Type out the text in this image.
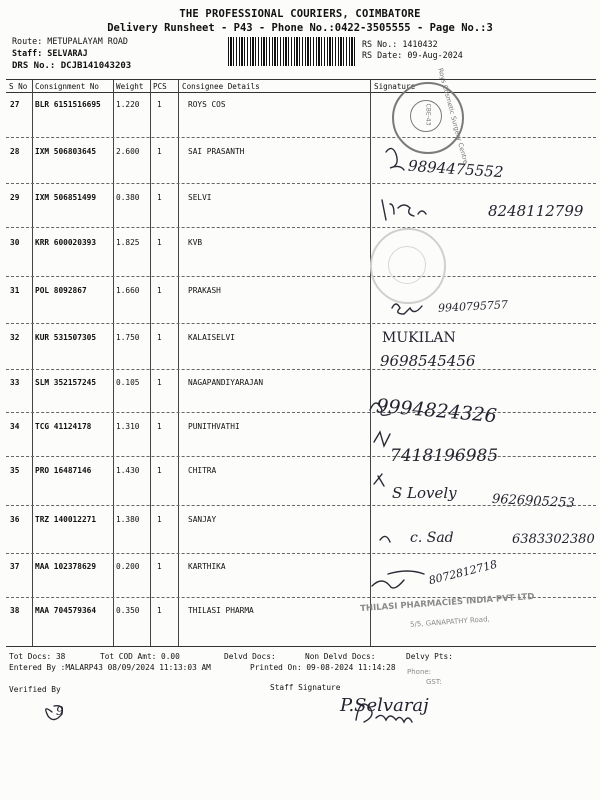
THE PROFESSIONAL COURIERS, COIMBATORE
Delivery Runsheet - P43 - Phone No.:0422-3505555 - Page No.:3
Route: METUPALAYAM ROAD
Staff: SELVARAJ
DRS No.: DCJB141043203
RS No.: 1410432
RS Date: 09-Aug-2024
S No Consignment No Weight PCS Consignee Details	Signature
27 BLR 6151516695 1.220 1	ROYS COS
28 IXM 506803645	2.600 1	SAI PRASANTH
29 IXM 506851499	0.380 1	SELVI
30 KRR 600020393	1.825 1	KVB
31 POL 8092867	1.660 1	PRAKASH
32 KUR 531507305	1.750 1	KALAISELVI
33 SLM 352157245	0.105 1	NAGAPANDIYARAJAN
34 TCG 41124178	1.310 1	PUNITHVATHI
35 PRO 16487146	1.430 1	CHITRA
36 TRZ 140012271	1.380 1	SANJAY
37 MAA 102378629	0.200 1	KARTHIKA
38 MAA 704579364	0.350 1	THILASI PHARMA
CBE-43 Roys Cosmetic Surgery Centre
THILASI PHARMACIES INDIA PVT LTD
5/5, GANAPATHY Road,
Phone:
GST:
9894475552
8248112799
9940795757
MUKILAN
9698545456
9994824326
7418196985
S Lovely	9626905253
c. Sad	6383302380
8072812718
9	P.Selvaraj
Tot Docs: 38	Tot COD Amt: 0.00	Delvd Docs:	Non Delvd Docs:	Delvy Pts:
Entered By :MALARP43 08/09/2024 11:13:03 AM	Printed On: 09-08-2024 11:14:28
Verified By	Staff Signature
